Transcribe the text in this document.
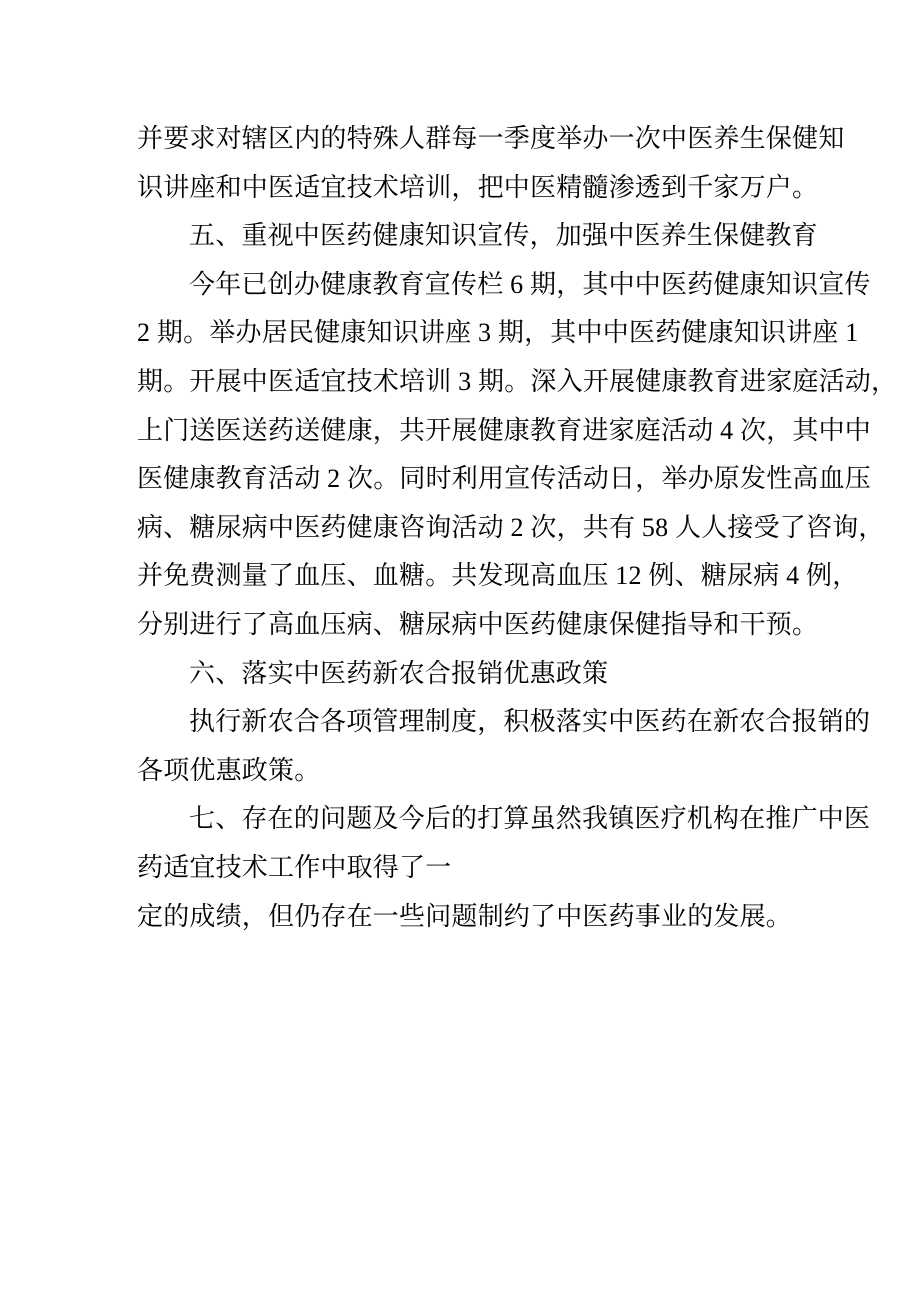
并要求对辖区内的特殊人群每一季度举办一次中医养生保健知
识讲座和中医适宜技术培训，把中医精髓渗透到千家万户。
五、重视中医药健康知识宣传，加强中医养生保健教育
今年已创办健康教育宣传栏 6 期，其中中医药健康知识宣传
2 期。举办居民健康知识讲座 3 期，其中中医药健康知识讲座 1
期。开展中医适宜技术培训 3 期。深入开展健康教育进家庭活动，
上门送医送药送健康，共开展健康教育进家庭活动 4 次，其中中
医健康教育活动 2 次。同时利用宣传活动日，举办原发性高血压
病、糖尿病中医药健康咨询活动 2 次，共有 58 人人接受了咨询，
并免费测量了血压、血糖。共发现高血压 12 例、糖尿病 4 例，
分别进行了高血压病、糖尿病中医药健康保健指导和干预。
六、落实中医药新农合报销优惠政策
执行新农合各项管理制度，积极落实中医药在新农合报销的
各项优惠政策。
七、存在的问题及今后的打算虽然我镇医疗机构在推广中医
药适宜技术工作中取得了一
定的成绩，但仍存在一些问题制约了中医药事业的发展。
